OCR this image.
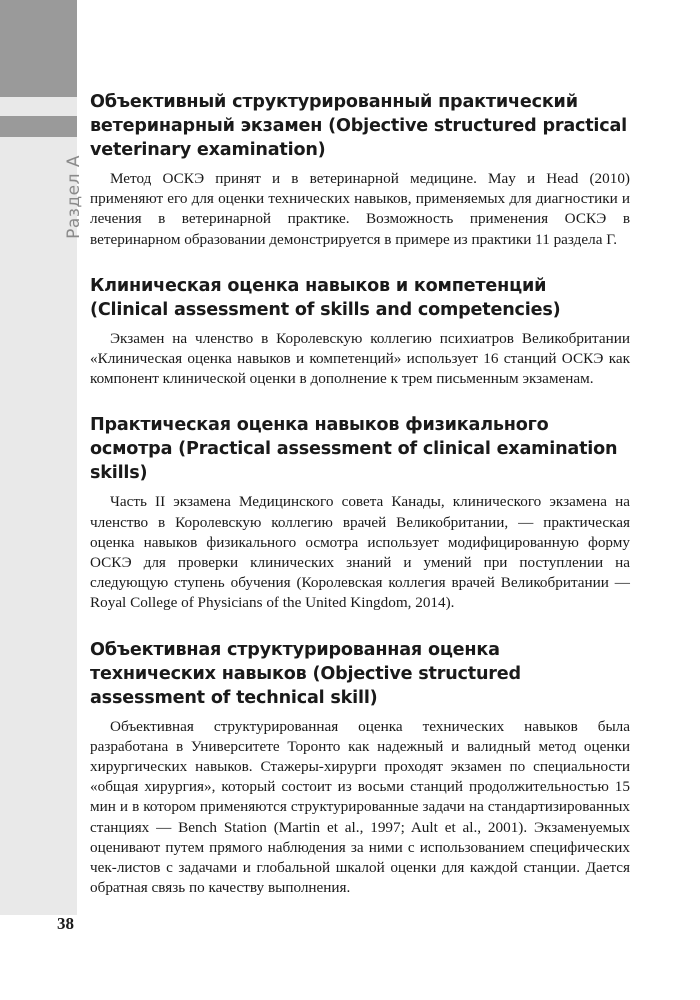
Раздел А
Объективный структурированный практический ветеринарный экзамен (Objective structured practical veterinary examination)

Метод ОСКЭ принят и в ветеринарной медицине. May и Head (2010) применяют его для оценки технических навыков, применяемых для диагностики и лечения в ветеринарной практике. Возможность применения ОСКЭ в ветеринарном образовании демонстрируется в примере из практики 11 раздела Г.

Клиническая оценка навыков и компетенций (Clinical assessment of skills and competencies)

Экзамен на членство в Королевскую коллегию психиатров Великобритании «Клиническая оценка навыков и компетенций» использует 16 станций ОСКЭ как компонент клинической оценки в дополнение к трем письменным экзаменам.

Практическая оценка навыков физикального осмотра (Practical assessment of clinical examination skills)

Часть II экзамена Медицинского совета Канады, клинического экзамена на членство в Королевскую коллегию врачей Великобритании, — практическая оценка навыков физикального осмотра использует модифицированную форму ОСКЭ для проверки клинических знаний и умений при поступлении на следующую ступень обучения (Королевская коллегия врачей Великобритании — Royal College of Physicians of the United Kingdom, 2014).

Объективная структурированная оценка технических навыков (Objective structured assessment of technical skill)

Объективная структурированная оценка технических навыков была разработана в Университете Торонто как надежный и валидный метод оценки хирургических навыков. Стажеры-хирурги проходят экзамен по специальности «общая хирургия», который состоит из восьми станций продолжительностью 15 мин и в котором применяются структурированные задачи на стандартизированных станциях — Bench Station (Martin et al., 1997; Ault et al., 2001). Экзаменуемых оценивают путем прямого наблюдения за ними с использованием специфических чек-листов с задачами и глобальной шкалой оценки для каждой станции. Дается обратная связь по качеству выполнения.

38
